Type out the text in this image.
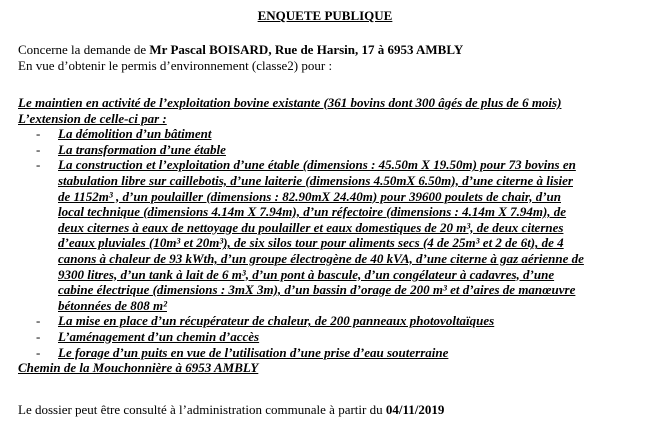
ENQUETE PUBLIQUE
Concerne la demande de Mr Pascal BOISARD, Rue de Harsin, 17 à 6953 AMBLY
En vue d’obtenir le permis d’environnement (classe2) pour :
Le maintien en activité de l’exploitation bovine existante (361 bovins dont 300 âgés de plus de 6 mois)
L’extension de celle-ci par :
- La démolition d’un bâtiment
- La transformation d’une étable
- La construction et l’exploitation d’une étable (dimensions : 45.50m X 19.50m) pour 73 bovins en
stabulation libre sur caillebotis, d’une laiterie (dimensions 4.50mX 6.50m), d’une citerne à lisier
de 1152m³ , d’un poulailler (dimensions : 82.90mX 24.40m) pour 39600 poulets de chair, d’un
local technique (dimensions 4.14m X 7.94m), d’un réfectoire (dimensions : 4.14m X 7.94m), de
deux citernes à eaux de nettoyage du poulailler et eaux domestiques de 20 m³, de deux citernes
d’eaux pluviales (10m³ et 20m³), de six silos tour pour aliments secs (4 de 25m³ et 2 de 6t), de 4
canons à chaleur de 93 kWth, d’un groupe électrogène de 40 kVA, d’une citerne à gaz aérienne de
9300 litres, d’un tank à lait de 6 m³, d’un pont à bascule, d’un congélateur à cadavres, d’une
cabine électrique (dimensions : 3mX 3m), d’un bassin d’orage de 200 m³ et d’aires de manœuvre
bétonnées de 808 m²
- La mise en place d’un récupérateur de chaleur, de 200 panneaux photovoltaïques
- L’aménagement d’un chemin d’accès
- Le forage d’un puits en vue de l’utilisation d’une prise d’eau souterraine
Chemin de la Mouchonnière à 6953 AMBLY
Le dossier peut être consulté à l’administration communale à partir du 04/11/2019
